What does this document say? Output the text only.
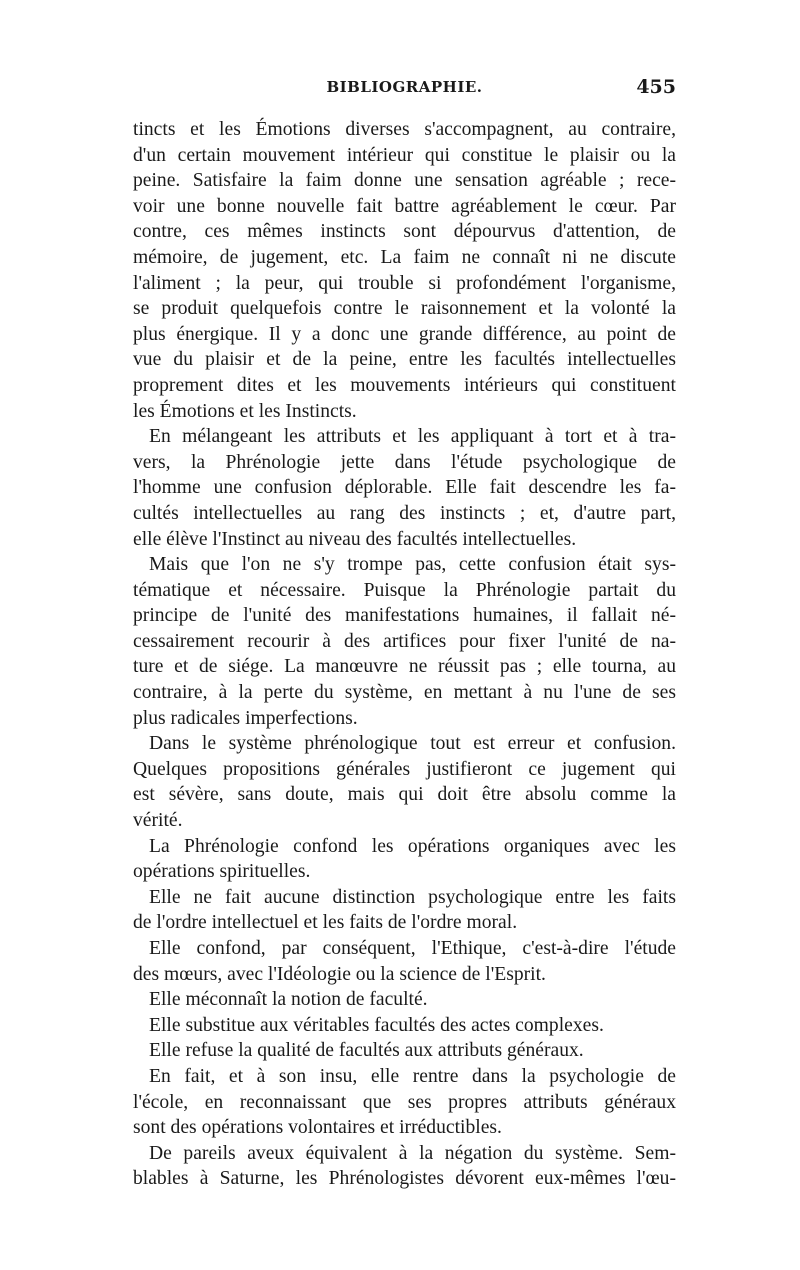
BIBLIOGRAPHIE.	455

tincts et les Émotions diverses s'accompagnent, au contraire,

d'un certain mouvement intérieur qui constitue le plaisir ou la

peine. Satisfaire la faim donne une sensation agréable ; rece-

voir une bonne nouvelle fait battre agréablement le cœur. Par

contre, ces mêmes instincts sont dépourvus d'attention, de

mémoire, de jugement, etc. La faim ne connaît ni ne discute

l'aliment ; la peur, qui trouble si profondément l'organisme,

se produit quelquefois contre le raisonnement et la volonté la

plus énergique. Il y a donc une grande différence, au point de

vue du plaisir et de la peine, entre les facultés intellectuelles

proprement dites et les mouvements intérieurs qui constituent

les Émotions et les Instincts.

En mélangeant les attributs et les appliquant à tort et à tra-

vers, la Phrénologie jette dans l'étude psychologique de

l'homme une confusion déplorable. Elle fait descendre les fa-

cultés intellectuelles au rang des instincts ; et, d'autre part,

elle élève l'Instinct au niveau des facultés intellectuelles.

Mais que l'on ne s'y trompe pas, cette confusion était sys-

tématique et nécessaire. Puisque la Phrénologie partait du

principe de l'unité des manifestations humaines, il fallait né-

cessairement recourir à des artifices pour fixer l'unité de na-

ture et de siége. La manœuvre ne réussit pas ; elle tourna, au

contraire, à la perte du système, en mettant à nu l'une de ses

plus radicales imperfections.

Dans le système phrénologique tout est erreur et confusion.

Quelques propositions générales justifieront ce jugement qui

est sévère, sans doute, mais qui doit être absolu comme la

vérité.

La Phrénologie confond les opérations organiques avec les

opérations spirituelles.

Elle ne fait aucune distinction psychologique entre les faits

de l'ordre intellectuel et les faits de l'ordre moral.

Elle confond, par conséquent, l'Ethique, c'est-à-dire l'étude

des mœurs, avec l'Idéologie ou la science de l'Esprit.

Elle méconnaît la notion de faculté.

Elle substitue aux véritables facultés des actes complexes.

Elle refuse la qualité de facultés aux attributs généraux.

En fait, et à son insu, elle rentre dans la psychologie de

l'école, en reconnaissant que ses propres attributs généraux

sont des opérations volontaires et irréductibles.

De pareils aveux équivalent à la négation du système. Sem-

blables à Saturne, les Phrénologistes dévorent eux-mêmes l'œu-
